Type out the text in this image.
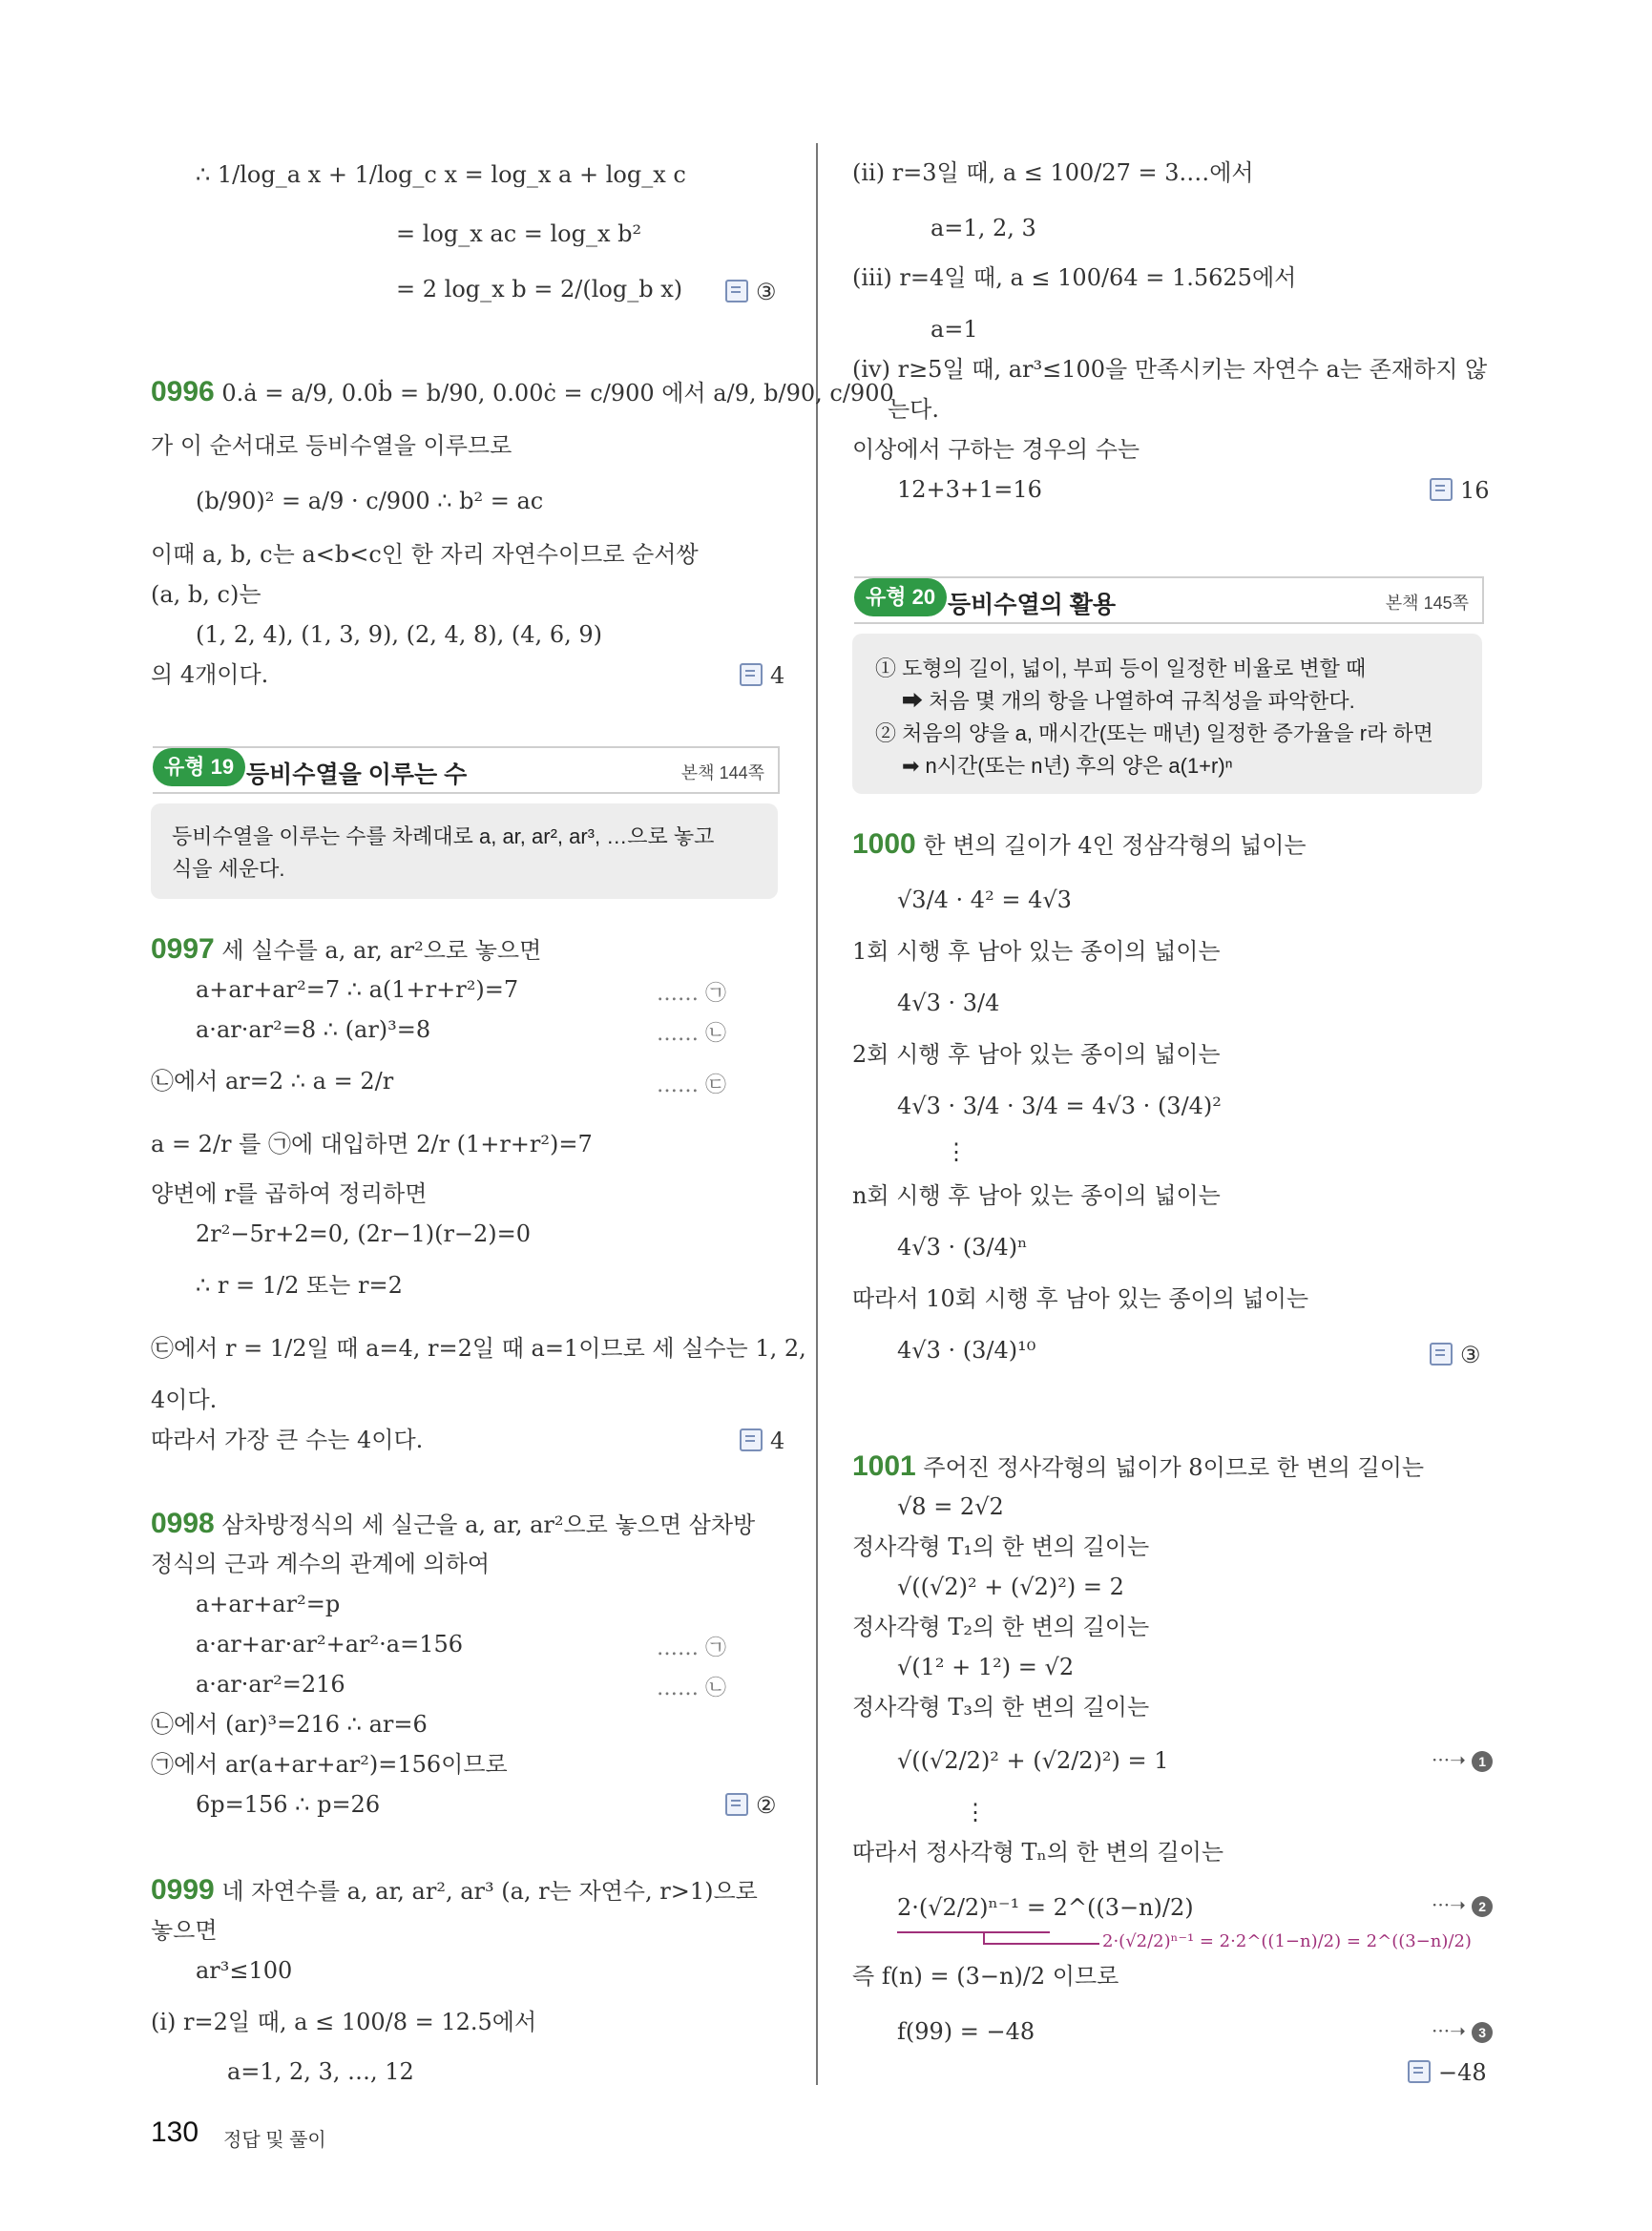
∴ 1/log_a x + 1/log_c x = log_x a + log_x c
= log_x ac = log_x b²
= 2 log_x b = 2/(log_b x)	③
0996 0.ȧ = a/9, 0.0ḃ = b/90, 0.00ċ = c/900 에서 a/9, b/90, c/900
가 이 순서대로 등비수열을 이루므로
(b/90)² = a/9 · c/900 ∴ b² = ac
이때 a, b, c는 a<b<c인 한 자리 자연수이므로 순서쌍
(a, b, c)는
(1, 2, 4), (1, 3, 9), (2, 4, 8), (4, 6, 9)
의 4개이다.	4
유형 19 등비수열을 이루는 수	본책 144쪽
등비수열을 이루는 수를 차례대로 a, ar, ar², ar³, …으로 놓고
식을 세운다.
0997 세 실수를 a, ar, ar²으로 놓으면
a+ar+ar²=7 ∴ a(1+r+r²)=7	…… ㉠
a·ar·ar²=8 ∴ (ar)³=8	…… ㉡
㉡에서 ar=2 ∴ a = 2/r	…… ㉢
a = 2/r 를 ㉠에 대입하면 2/r (1+r+r²)=7
양변에 r를 곱하여 정리하면
2r²−5r+2=0, (2r−1)(r−2)=0
∴ r = 1/2 또는 r=2
㉢에서 r = 1/2일 때 a=4, r=2일 때 a=1이므로 세 실수는 1, 2,
4이다.
따라서 가장 큰 수는 4이다.	4
0998 삼차방정식의 세 실근을 a, ar, ar²으로 놓으면 삼차방
정식의 근과 계수의 관계에 의하여
a+ar+ar²=p
a·ar+ar·ar²+ar²·a=156	…… ㉠
a·ar·ar²=216	…… ㉡
㉡에서 (ar)³=216 ∴ ar=6
㉠에서 ar(a+ar+ar²)=156이므로
6p=156 ∴ p=26	②
0999 네 자연수를 a, ar, ar², ar³ (a, r는 자연수, r>1)으로
놓으면
ar³≤100
(i) r=2일 때, a ≤ 100/8 = 12.5에서
a=1, 2, 3, …, 12
(ii) r=3일 때, a ≤ 100/27 = 3.…에서
a=1, 2, 3
(iii) r=4일 때, a ≤ 100/64 = 1.5625에서
a=1
(iv) r≥5일 때, ar³≤100을 만족시키는 자연수 a는 존재하지 않
는다.
이상에서 구하는 경우의 수는
12+3+1=16	16
유형 20 등비수열의 활용	본책 145쪽
① 도형의 길이, 넓이, 부피 등이 일정한 비율로 변할 때
➡ 처음 몇 개의 항을 나열하여 규칙성을 파악한다.
② 처음의 양을 a, 매시간(또는 매년) 일정한 증가율을 r라 하면
➡ n시간(또는 n년) 후의 양은 a(1+r)ⁿ
1000 한 변의 길이가 4인 정삼각형의 넓이는
√3/4 · 4² = 4√3
1회 시행 후 남아 있는 종이의 넓이는
4√3 · 3/4
2회 시행 후 남아 있는 종이의 넓이는
4√3 · 3/4 · 3/4 = 4√3 · (3/4)²
⋮
n회 시행 후 남아 있는 종이의 넓이는
4√3 · (3/4)ⁿ
따라서 10회 시행 후 남아 있는 종이의 넓이는
4√3 · (3/4)¹⁰	③
1001 주어진 정사각형의 넓이가 8이므로 한 변의 길이는
√8 = 2√2
정사각형 T₁의 한 변의 길이는
√((√2)² + (√2)²) = 2
정사각형 T₂의 한 변의 길이는
√(1² + 1²) = √2
정사각형 T₃의 한 변의 길이는
√((√2/2)² + (√2/2)²) = 1	···➝ 1
⋮
따라서 정사각형 Tₙ의 한 변의 길이는
2·(√2/2)ⁿ⁻¹ = 2^((3−n)/2)	···➝ 2
2·(√2/2)ⁿ⁻¹ = 2·2^((1−n)/2) = 2^((3−n)/2)
즉 f(n) = (3−n)/2 이므로
f(99) = −48	···➝ 3
−48
130 정답 및 풀이
